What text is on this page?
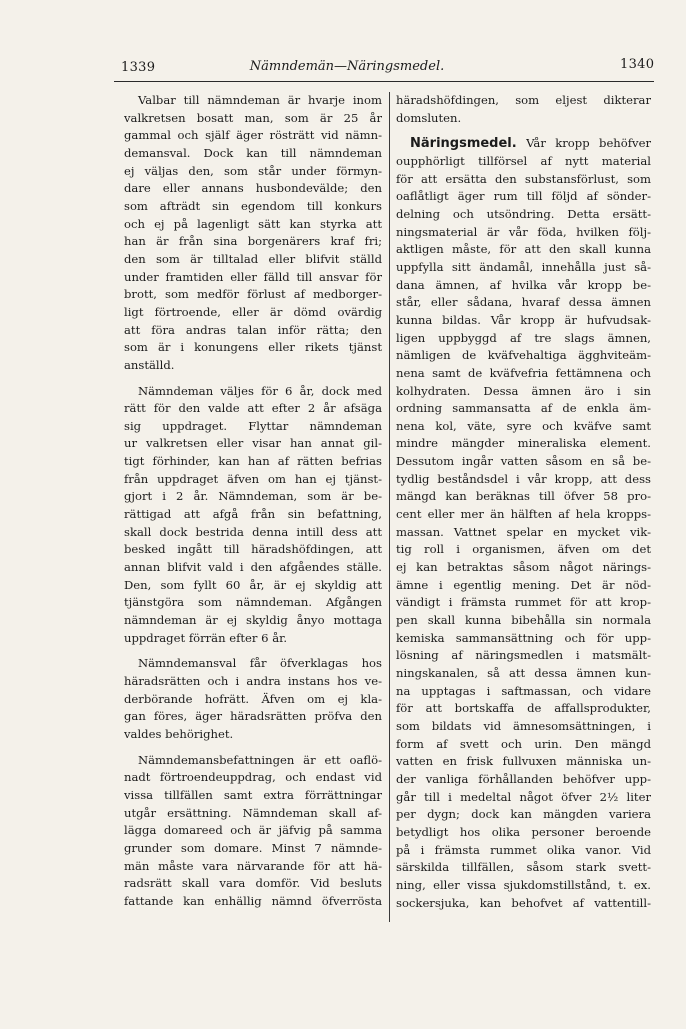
1339	Nämndemän—Näringsmedel.	1340
Valbar till nämndeman är hvarje inom
valkretsen bosatt man, som är 25 år
gammal och själf äger rösträtt vid nämn-
demansval. Dock kan till nämndeman
ej väljas den, som står under förmyn-
dare eller annans husbondevälde; den
som afträdt sin egendom till konkurs
och ej på lagenligt sätt kan styrka att
han är från sina borgenärers kraf fri;
den som är tilltalad eller blifvit ställd
under framtiden eller fälld till ansvar för
brott, som medför förlust af medborger-
ligt förtroende, eller är dömd ovärdig
att föra andras talan inför rätta; den
som är i konungens eller rikets tjänst
anställd.
Nämndeman väljes för 6 år, dock med
rätt för den valde att efter 2 år afsäga
sig uppdraget. Flyttar nämndeman
ur valkretsen eller visar han annat gil-
tigt förhinder, kan han af rätten befrias
från uppdraget äfven om han ej tjänst-
gjort i 2 år. Nämndeman, som är be-
rättigad att afgå från sin befattning,
skall dock bestrida denna intill dess att
besked ingått till häradshöfdingen, att
annan blifvit vald i den afgåendes ställe.
Den, som fyllt 60 år, är ej skyldig att
tjänstgöra som nämndeman. Afgången
nämndeman är ej skyldig ånyo mottaga
uppdraget förrän efter 6 år.
Nämndemansval får öfverklagas hos
häradsrätten och i andra instans hos ve-
derbörande hofrätt. Äfven om ej kla-
gan föres, äger häradsrätten pröfva den
valdes behörighet.
Nämndemansbefattningen är ett oaflö-
nadt förtroendeuppdrag, och endast vid
vissa tillfällen samt extra förrättningar
utgår ersättning. Nämndeman skall af-
lägga domareed och är jäfvig på samma
grunder som domare. Minst 7 nämnde-
män måste vara närvarande för att hä-
radsrätt skall vara domför. Vid besluts
fattande kan enhällig nämnd öfverrösta
häradshöfdingen, som eljest dikterar
domsluten.
Näringsmedel. Vår kropp behöfver
oupphörligt tillförsel af nytt material
för att ersätta den substansförlust, som
oaflåtligt äger rum till följd af sönder-
delning och utsöndring. Detta ersätt-
ningsmaterial är vår föda, hvilken följ-
aktligen måste, för att den skall kunna
uppfylla sitt ändamål, innehålla just så-
dana ämnen, af hvilka vår kropp be-
står, eller sådana, hvaraf dessa ämnen
kunna bildas. Vår kropp är hufvudsak-
ligen uppbyggd af tre slags ämnen,
nämligen de kväfvehaltiga ägghviteäm-
nena samt de kväfvefria fettämnena och
kolhydraten. Dessa ämnen äro i sin
ordning sammansatta af de enkla äm-
nena kol, väte, syre och kväfve samt
mindre mängder mineraliska element.
Dessutom ingår vatten såsom en så be-
tydlig beståndsdel i vår kropp, att dess
mängd kan beräknas till öfver 58 pro-
cent eller mer än hälften af hela kropps-
massan. Vattnet spelar en mycket vik-
tig roll i organismen, äfven om det
ej kan betraktas såsom något närings-
ämne i egentlig mening. Det är nöd-
vändigt i främsta rummet för att krop-
pen skall kunna bibehålla sin normala
kemiska sammansättning och för upp-
lösning af näringsmedlen i matsmält-
ningskanalen, så att dessa ämnen kun-
na upptagas i saftmassan, och vidare
för att bortskaffa de affallsprodukter,
som bildats vid ämnesomsättningen, i
form af svett och urin. Den mängd
vatten en frisk fullvuxen människa un-
der vanliga förhållanden behöfver upp-
går till i medeltal något öfver 2½ liter
per dygn; dock kan mängden variera
betydligt hos olika personer beroende
på i främsta rummet olika vanor. Vid
särskilda tillfällen, såsom stark svett-
ning, eller vissa sjukdomstillstånd, t. ex.
sockersjuka, kan behofvet af vattentill-
